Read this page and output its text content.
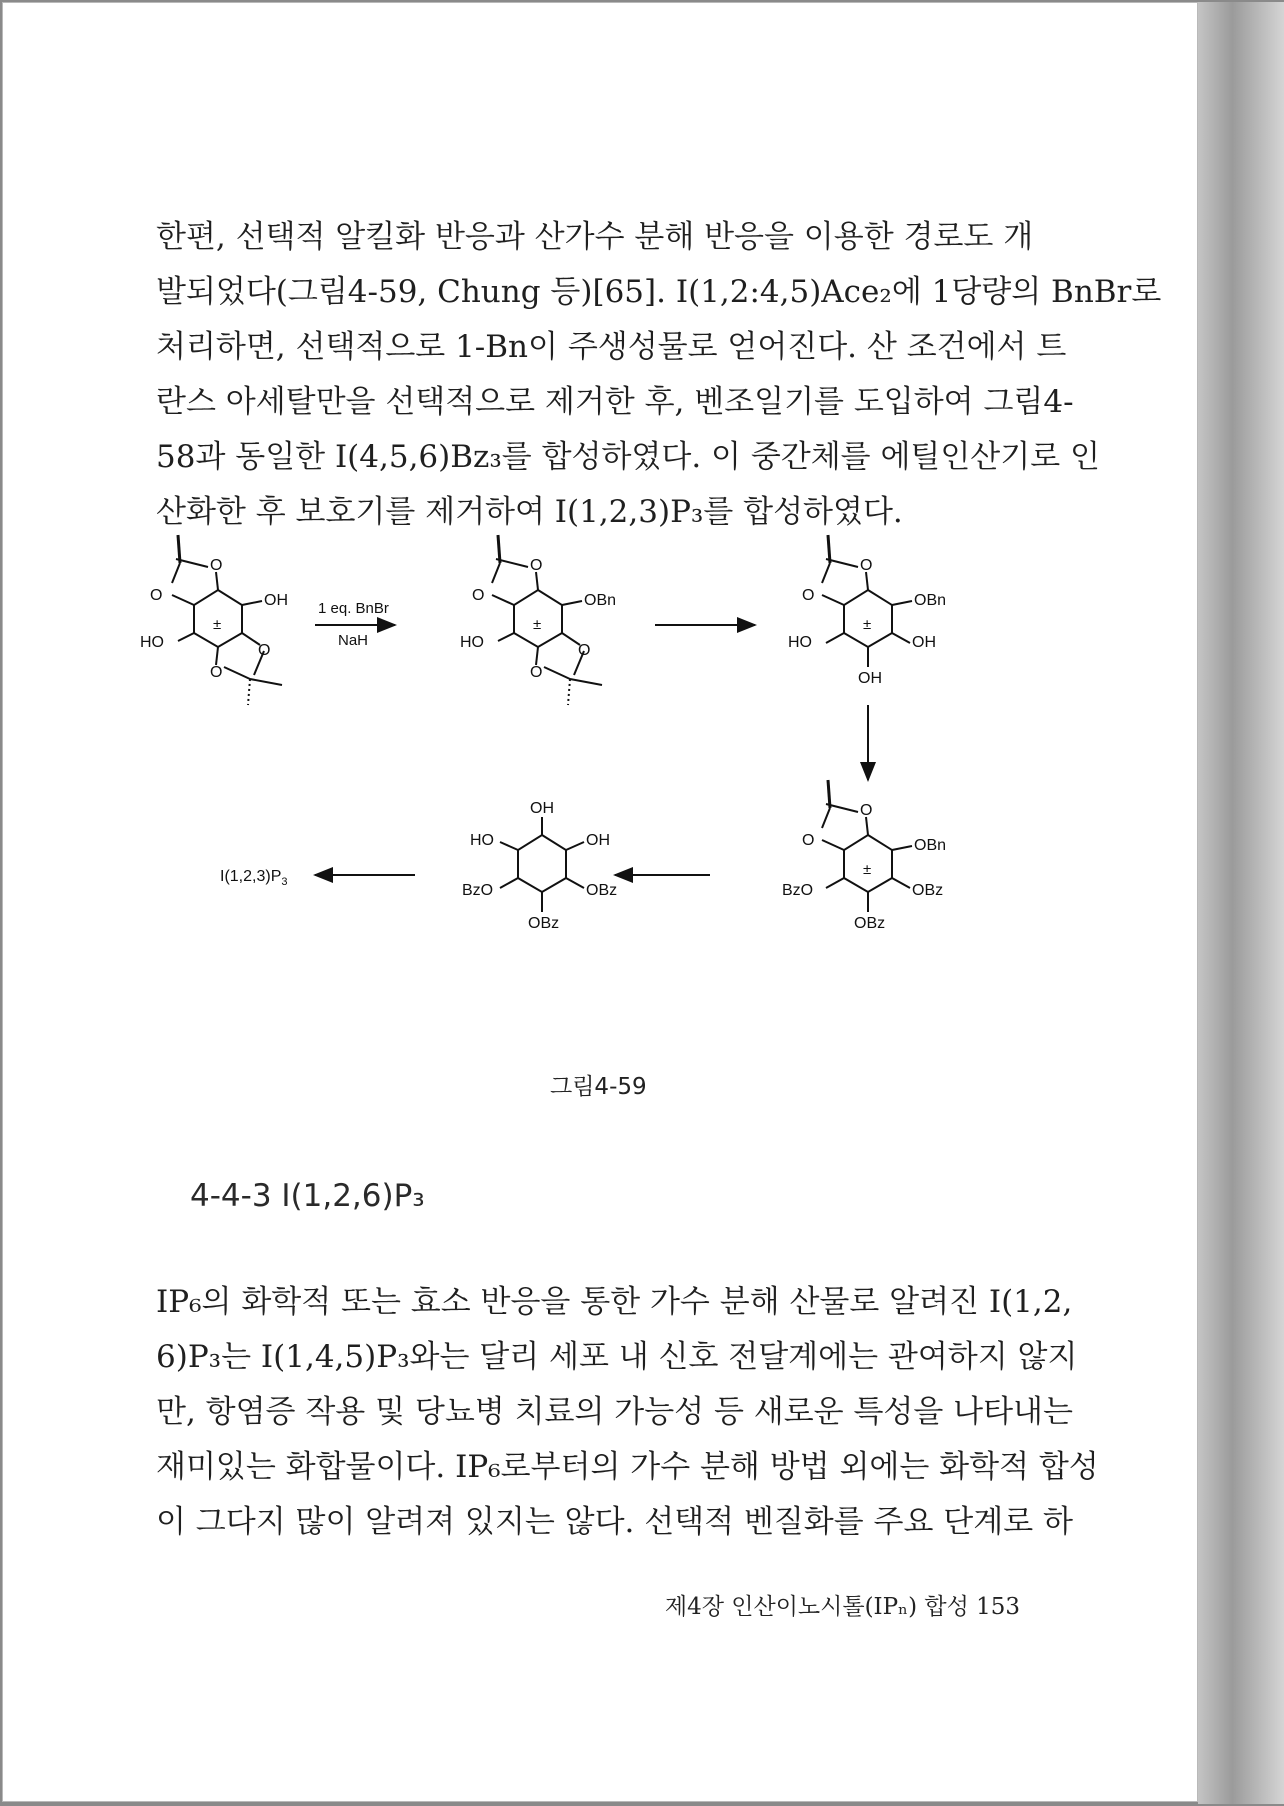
한편, 선택적 알킬화 반응과 산가수 분해 반응을 이용한 경로도 개
발되었다(그림4-59, Chung 등)[65]. I(1,2:4,5)Ace₂에 1당량의 BnBr로
처리하면, 선택적으로 1-Bn이 주생성물로 얻어진다. 산 조건에서 트
란스 아세탈만을 선택적으로 제거한 후, 벤조일기를 도입하여 그림4-
58과 동일한 I(4,5,6)Bz₃를 합성하였다. 이 중간체를 에틸인산기로 인
산화한 후 보호기를 제거하여 I(1,2,3)P₃를 합성하였다.

O
O	OH
±
HO	O
O
1 eq. BnBr
NaH
O
O	OBn
±
HO	O
O
O
O	OBn
±
HO	OH
OH
O
O	OBn
±
BzO	OBz
OBz
OH
HO	OH
BzO	OBz
OBz
$I(1,2,3)P_3$
그림4-59
4-4-3 I(1,2,6)P₃

IP₆의 화학적 또는 효소 반응을 통한 가수 분해 산물로 알려진 I(1,2,
6)P₃는 I(1,4,5)P₃와는 달리 세포 내 신호 전달계에는 관여하지 않지
만, 항염증 작용 및 당뇨병 치료의 가능성 등 새로운 특성을 나타내는
재미있는 화합물이다. IP₆로부터의 가수 분해 방법 외에는 화학적 합성
이 그다지 많이 알려져 있지는 않다. 선택적 벤질화를 주요 단계로 하

제4장 인산이노시톨(IPₙ) 합성 153
